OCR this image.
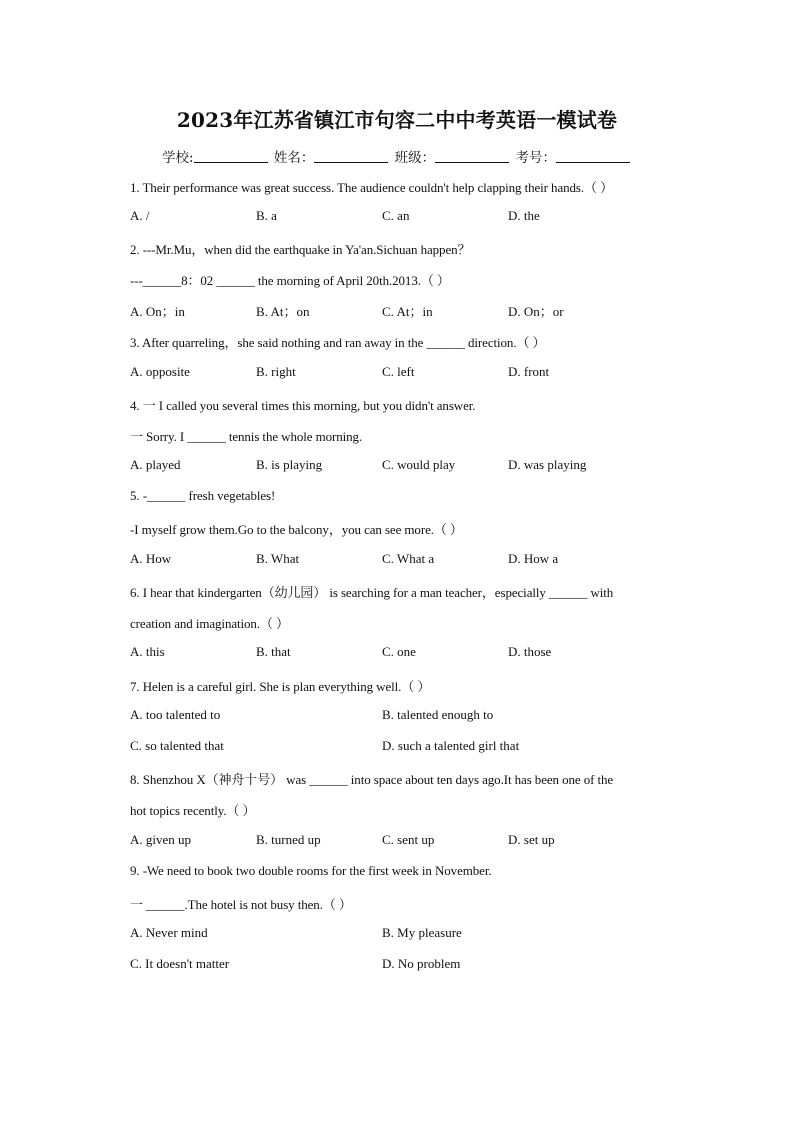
2023年江苏省镇江市句容二中中考英语一模试卷
学校:	姓名：	班级：	考号：
1. Their performance was great success. The audience couldn't help clapping their hands.（ ）
A. /	B. a	C. an	D. the
2. ---Mr.Mu，when did the earthquake in Ya'an.Sichuan happen？
---______8：02 ______ the morning of April 20th.2013.（ ）
A. On；in	B. At；on	C. At；in	D. On；or
3. After quarreling，she said nothing and ran away in the ______ direction.（ ）
A. opposite	B. right	C. left	D. front
4. 一 I called you several times this morning, but you didn't answer.
一 Sorry. I ______ tennis the whole morning.
A. played	B. is playing	C. would play	D. was playing
5. -______ fresh vegetables!
-I myself grow them.Go to the balcony，you can see more.（ ）
A. How	B. What	C. What a	D. How a
6. I hear that kindergarten（幼儿园） is searching for a man teacher，especially ______ with
creation and imagination.（ ）
A. this	B. that	C. one	D. those
7. Helen is a careful girl. She is plan everything well.（ ）
A. too talented to	B. talented enough to
C. so talented that	D. such a talented girl that
8. Shenzhou X（神舟十号） was ______ into space about ten days ago.It has been one of the
hot topics recently.（ ）
A. given up	B. turned up	C. sent up	D. set up
9. -We need to book two double rooms for the first week in November.
一 ______.The hotel is not busy then.（ ）
A. Never mind	B. My pleasure
C. It doesn't matter	D. No problem
